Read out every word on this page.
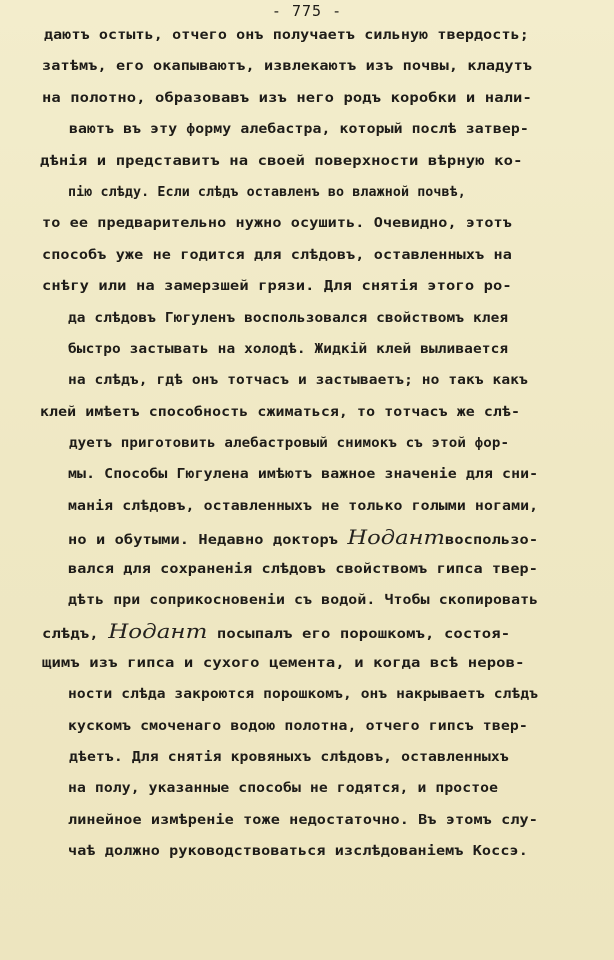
- 775 -
даютъ остыть, отчего онъ получаетъ сильную твердость;
затѣмъ, его окапываютъ, извлекаютъ изъ почвы, кладутъ
на полотно, образовавъ изъ него родъ коробки и нали-
ваютъ въ эту форму алебастра, который послѣ затвер-
дѣнія и представитъ на своей поверхности вѣрную ко-
пію слѣду. Если слѣдъ оставленъ во влажной почвѣ,
то ее предварительно нужно осушить. Очевидно, этотъ
способъ уже не годится для слѣдовъ, оставленныхъ на
снѣгу или на замерзшей грязи. Для снятія этого ро-
да слѣдовъ Гюгуленъ воспользовался свойствомъ клея
быстро застывать на холодѣ. Жидкій клей выливается
на слѣдъ, гдѣ онъ тотчасъ и застываетъ; но такъ какъ
клей имѣетъ способность сжиматься, то тотчасъ же слѣ-
дуетъ приготовить алебастровый снимокъ съ этой фор-
мы. Способы Гюгулена имѣютъ важное значеніе для сни-
манія слѣдовъ, оставленныхъ не только голыми ногами,
но и обутыми. Недавно докторъ Нодантвоспользо-
вался для сохраненія слѣдовъ свойствомъ гипса твер-
дѣть при соприкосновеніи съ водой. Чтобы скопировать
слѣдъ, Нодант посыпалъ его порошкомъ, состоя-
щимъ изъ гипса и сухого цемента, и когда всѣ неров-
ности слѣда закроются порошкомъ, онъ накрываетъ слѣдъ
кускомъ смоченаго водою полотна, отчего гипсъ твер-
дѣетъ. Для снятія кровяныхъ слѣдовъ, оставленныхъ
на полу, указанные способы не годятся, и простое
линейное измѣреніе тоже недостаточно. Въ этомъ слу-
чаѣ должно руководствоваться изслѣдованіемъ Коссэ.
